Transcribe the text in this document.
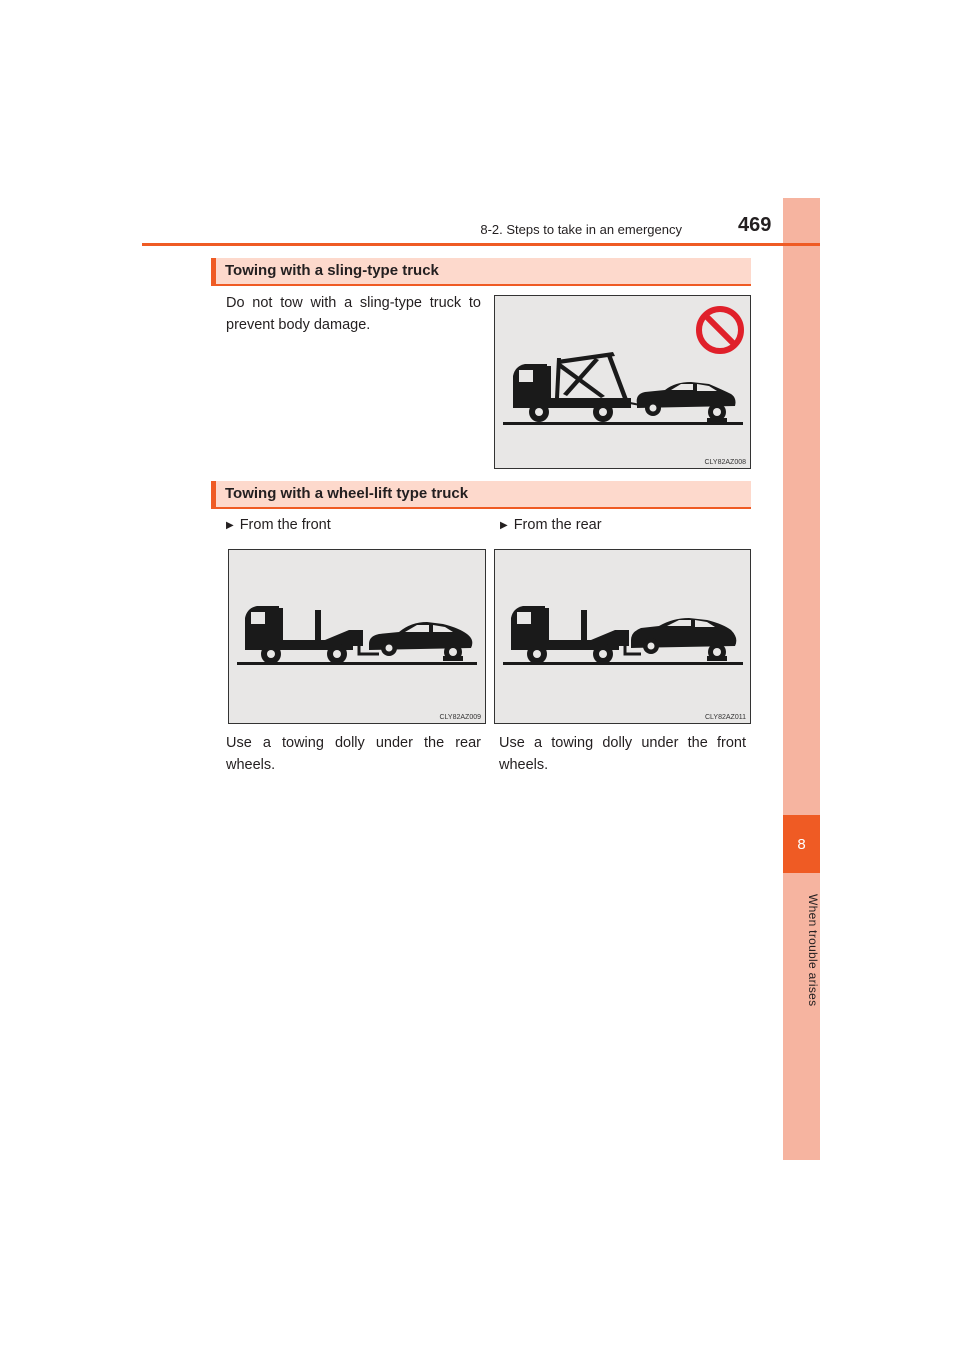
8
When trouble arises
8-2. Steps to take in an emergency	469
Towing with a sling-type truck
Do not tow with a sling-type truck to prevent body damage.
CLY82AZ008
Towing with a wheel-lift type truck
▶ From the front	▶ From the rear
CLY82AZ009	CLY82AZ011
Use a towing dolly under the rear wheels.
Use a towing dolly under the front wheels.
